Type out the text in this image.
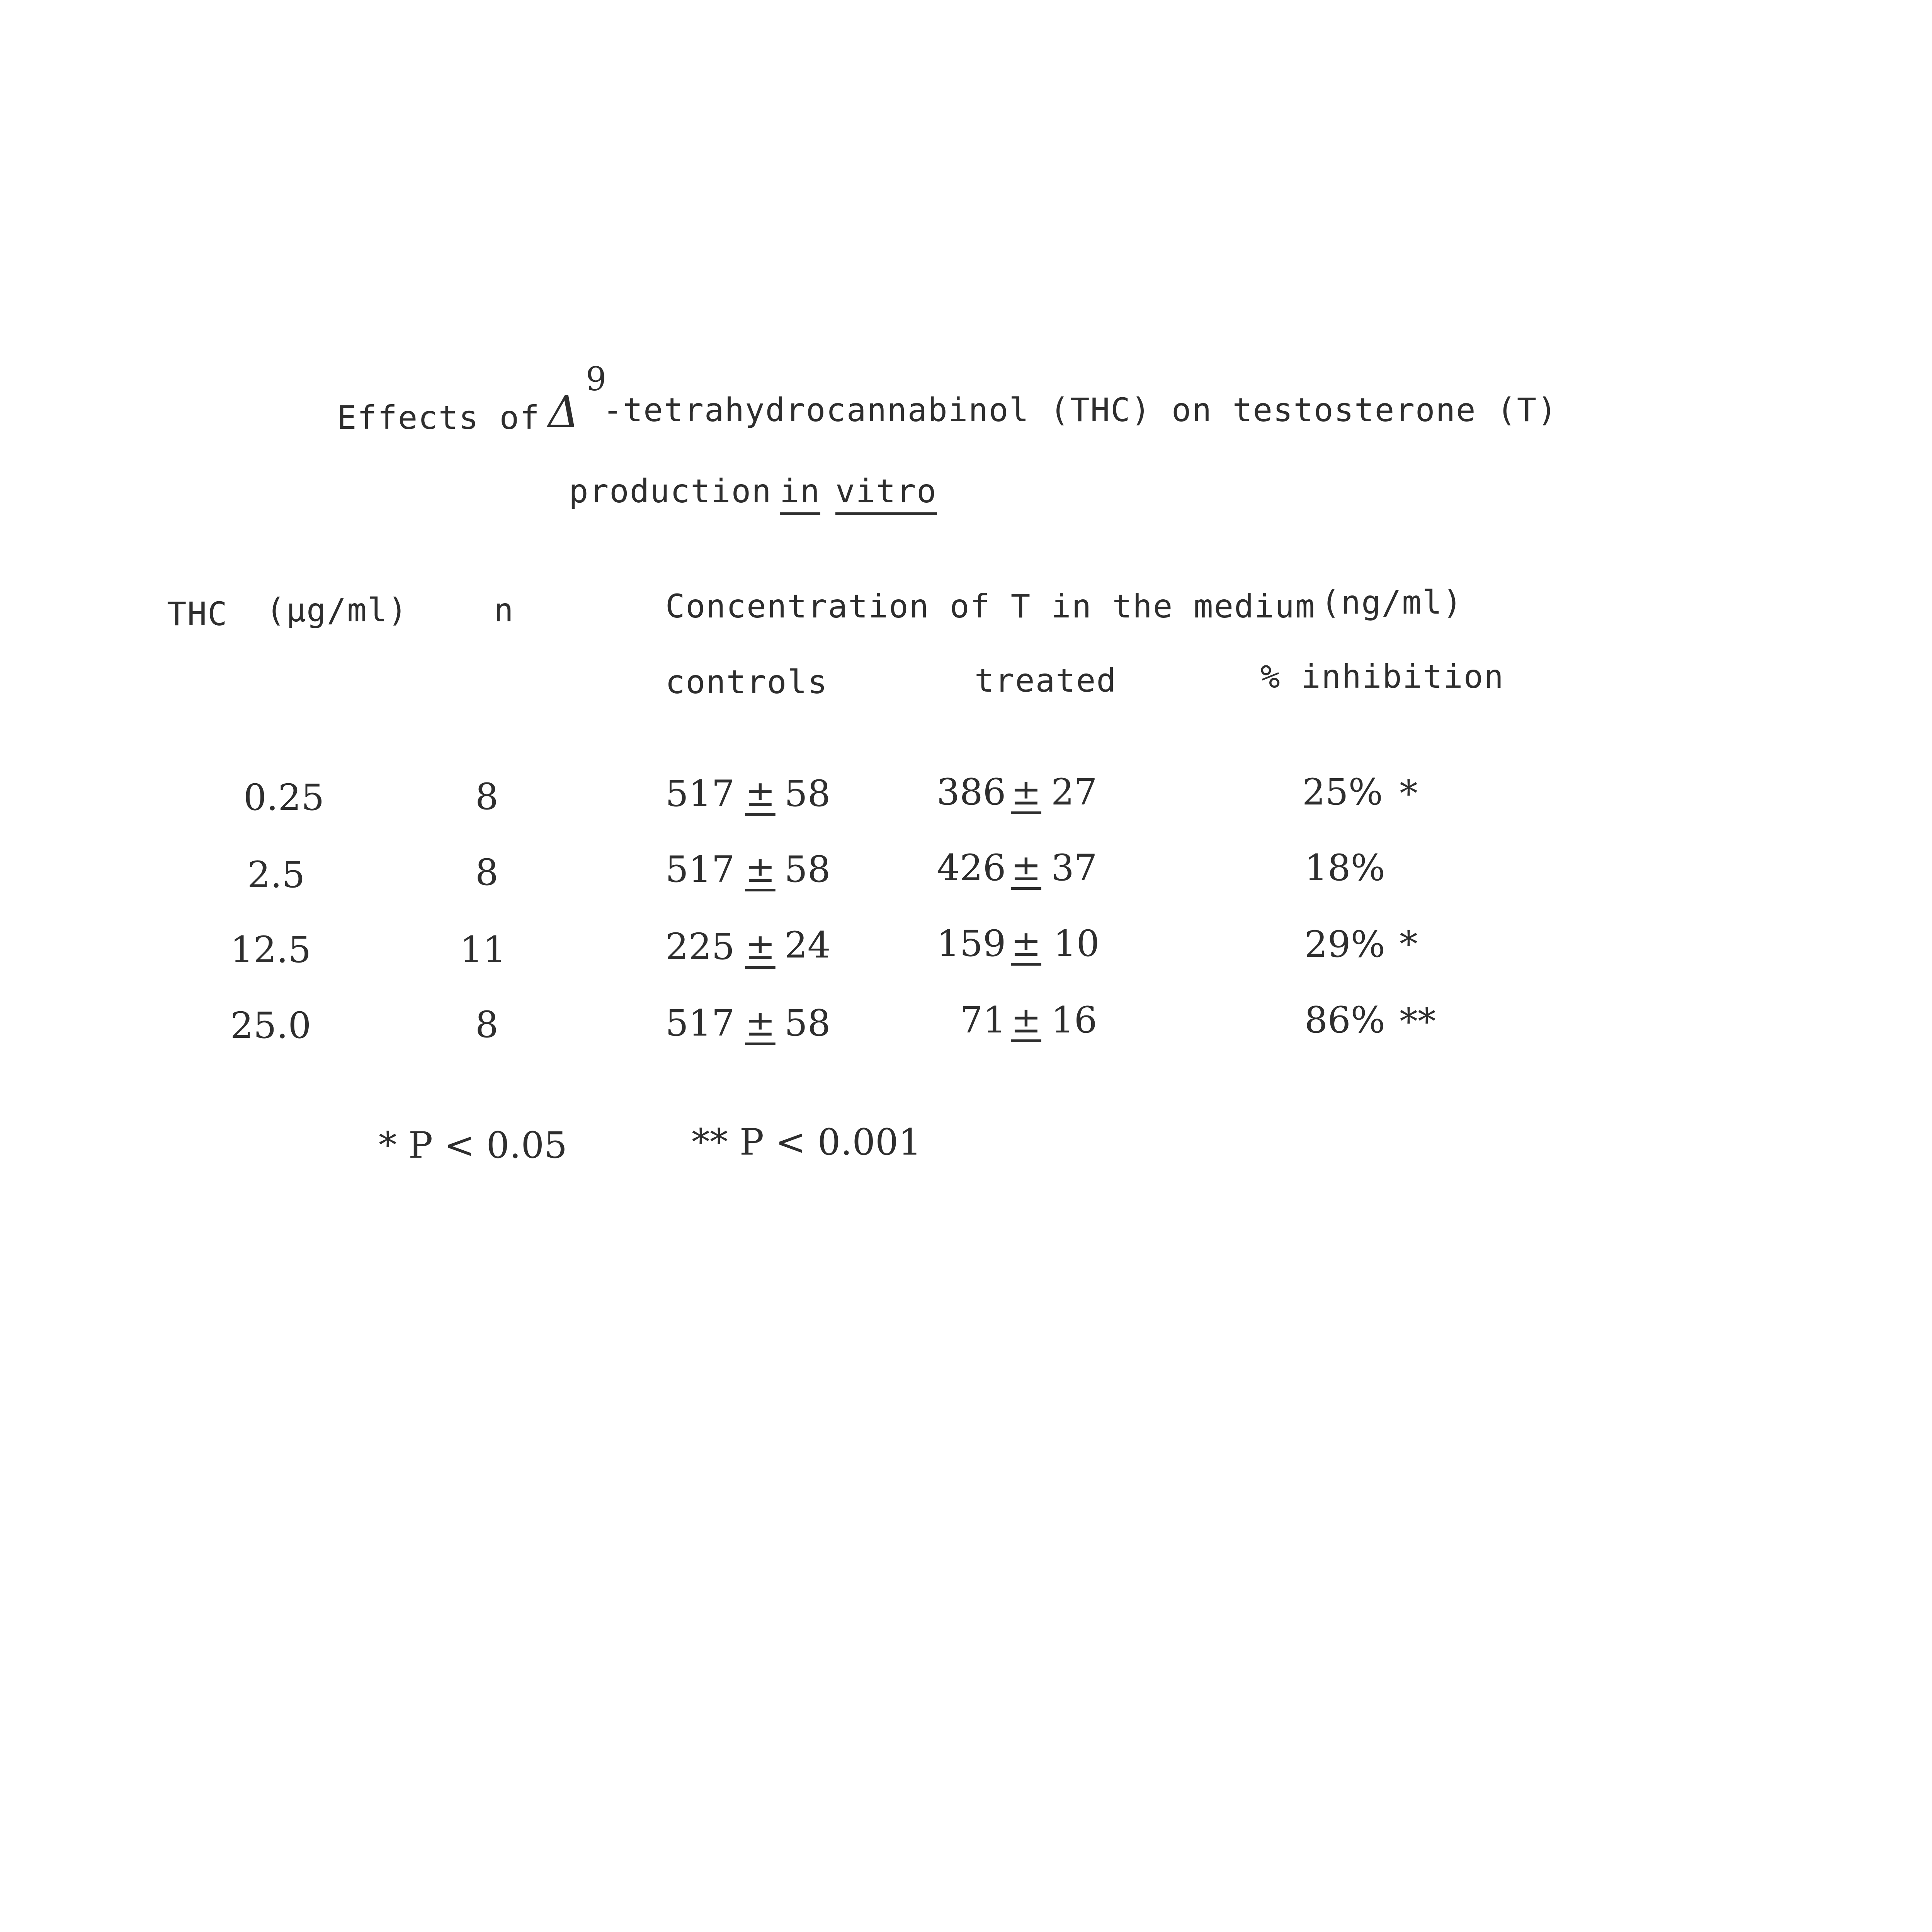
Effects of Δ
9
-tetrahydrocannabinol (THC) on testosterone (T)
production in vitro
THC (µg/ml)	n	Concentration of T in the medium (ng/ml)
controls	treated	% inhibition
0.25	8	517 ± 58	386 ± 27	25% *
2.5	8	517 ± 58	426 ± 37	18%
12.5	11	225 ± 24	159 ± 10	29% *
25.0	8	517 ± 58	71 ± 16	86% **
* P < 0.05	** P < 0.001
